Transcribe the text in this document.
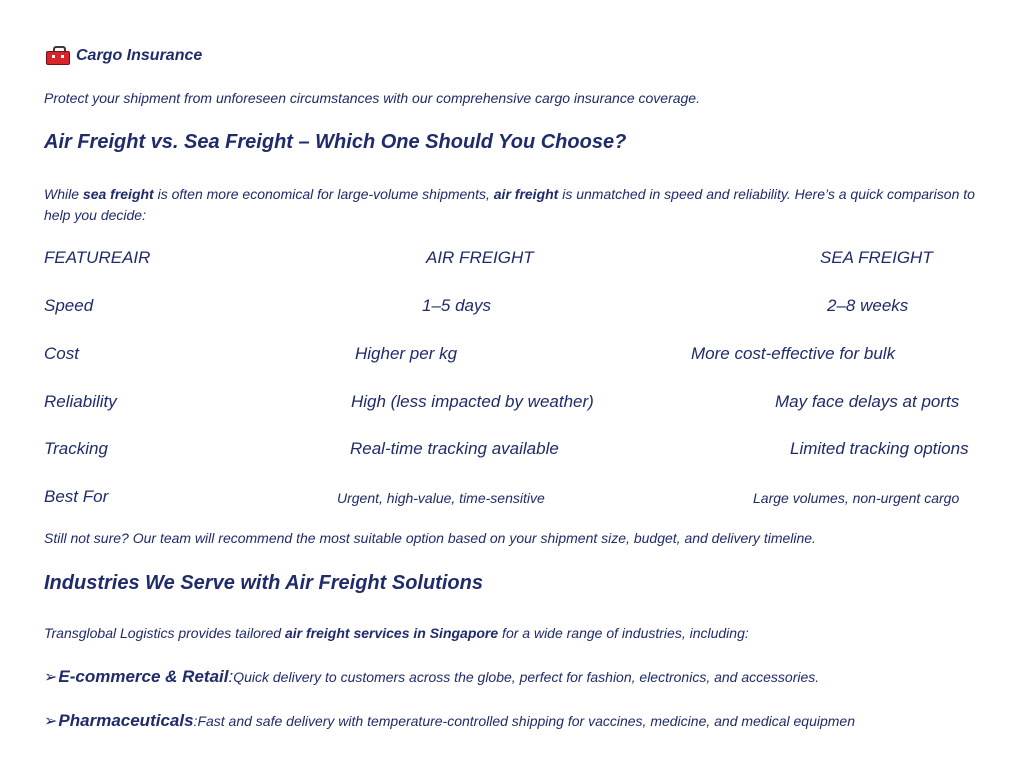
Cargo Insurance
Protect your shipment from unforeseen circumstances with our comprehensive cargo insurance coverage.
Air Freight vs. Sea Freight – Which One Should You Choose?
While sea freight is often more economical for large-volume shipments, air freight is unmatched in speed and reliability. Here’s a quick comparison to help you decide:
FEATUREAIR	AIR FREIGHT	SEA FREIGHT
Speed	1–5 days	2–8 weeks
Cost	Higher per kg	More cost-effective for bulk
Reliability	High (less impacted by weather)	May face delays at ports
Tracking	Real-time tracking available	Limited tracking options
Best For	Urgent, high-value, time-sensitive	Large volumes, non-urgent cargo
Still not sure? Our team will recommend the most suitable option based on your shipment size, budget, and delivery timeline.
Industries We Serve with Air Freight Solutions
Transglobal Logistics provides tailored air freight services in Singapore for a wide range of industries, including:
➢ E-commerce & Retail : Quick delivery to customers across the globe, perfect for fashion, electronics, and accessories.
➢ Pharmaceuticals : Fast and safe delivery with temperature-controlled shipping for vaccines, medicine, and medical equipmen
